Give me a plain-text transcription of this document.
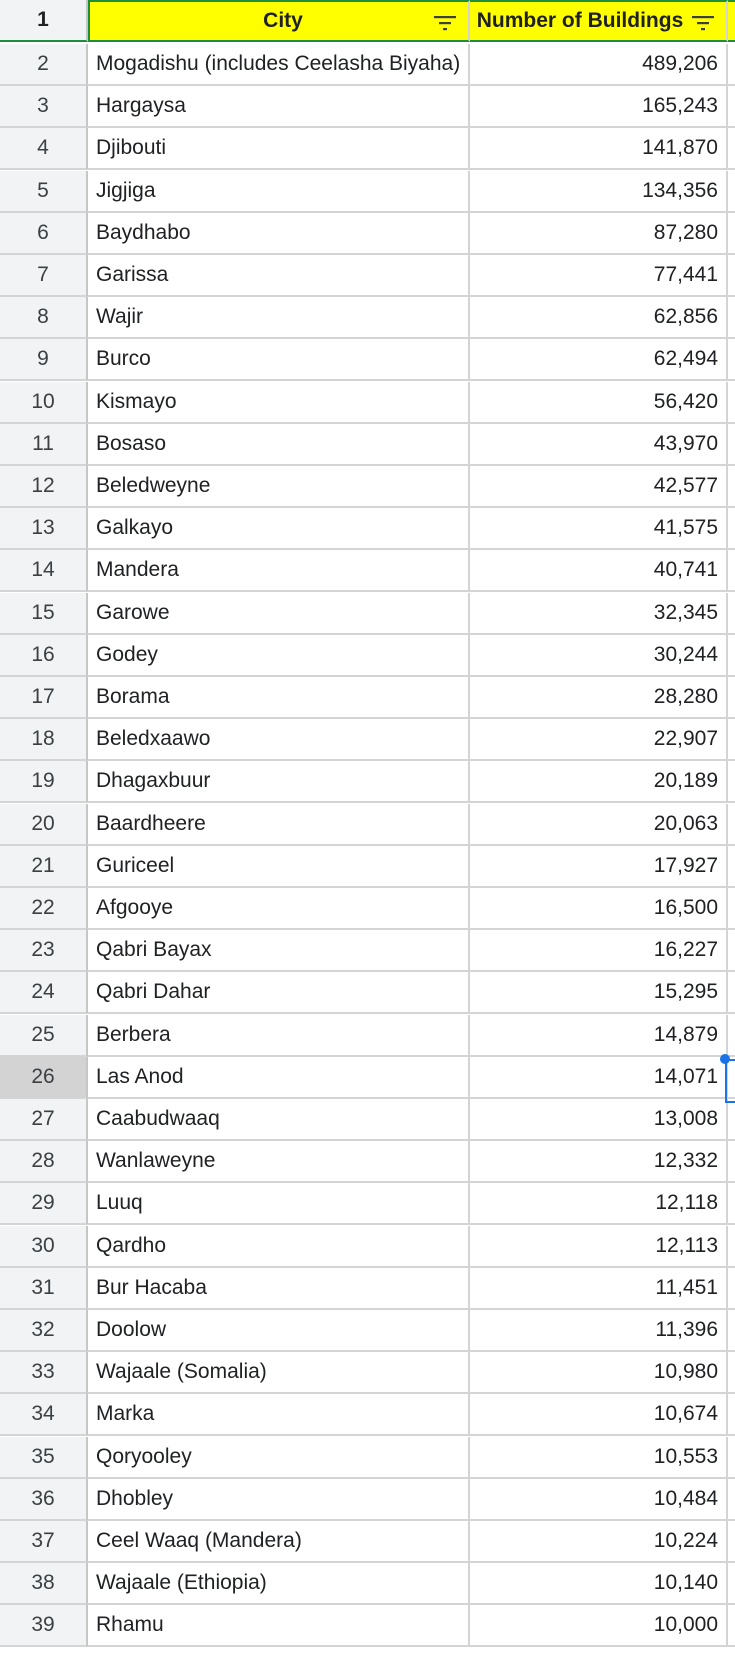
1	City	Number of Buildings
2	Mogadishu (includes Ceelasha Biyaha)	489,206
3	Hargaysa	165,243
4	Djibouti	141,870
5	Jigjiga	134,356
6	Baydhabo	87,280
7	Garissa	77,441
8	Wajir	62,856
9	Burco	62,494
10	Kismayo	56,420
11	Bosaso	43,970
12	Beledweyne	42,577
13	Galkayo	41,575
14	Mandera	40,741
15	Garowe	32,345
16	Godey	30,244
17	Borama	28,280
18	Beledxaawo	22,907
19	Dhagaxbuur	20,189
20	Baardheere	20,063
21	Guriceel	17,927
22	Afgooye	16,500
23	Qabri Bayax	16,227
24	Qabri Dahar	15,295
25	Berbera	14,879
26	Las Anod	14,071
27	Caabudwaaq	13,008
28	Wanlaweyne	12,332
29	Luuq	12,118
30	Qardho	12,113
31	Bur Hacaba	11,451
32	Doolow	11,396
33	Wajaale (Somalia)	10,980
34	Marka	10,674
35	Qoryooley	10,553
36	Dhobley	10,484
37	Ceel Waaq (Mandera)	10,224
38	Wajaale (Ethiopia)	10,140
39	Rhamu	10,000
